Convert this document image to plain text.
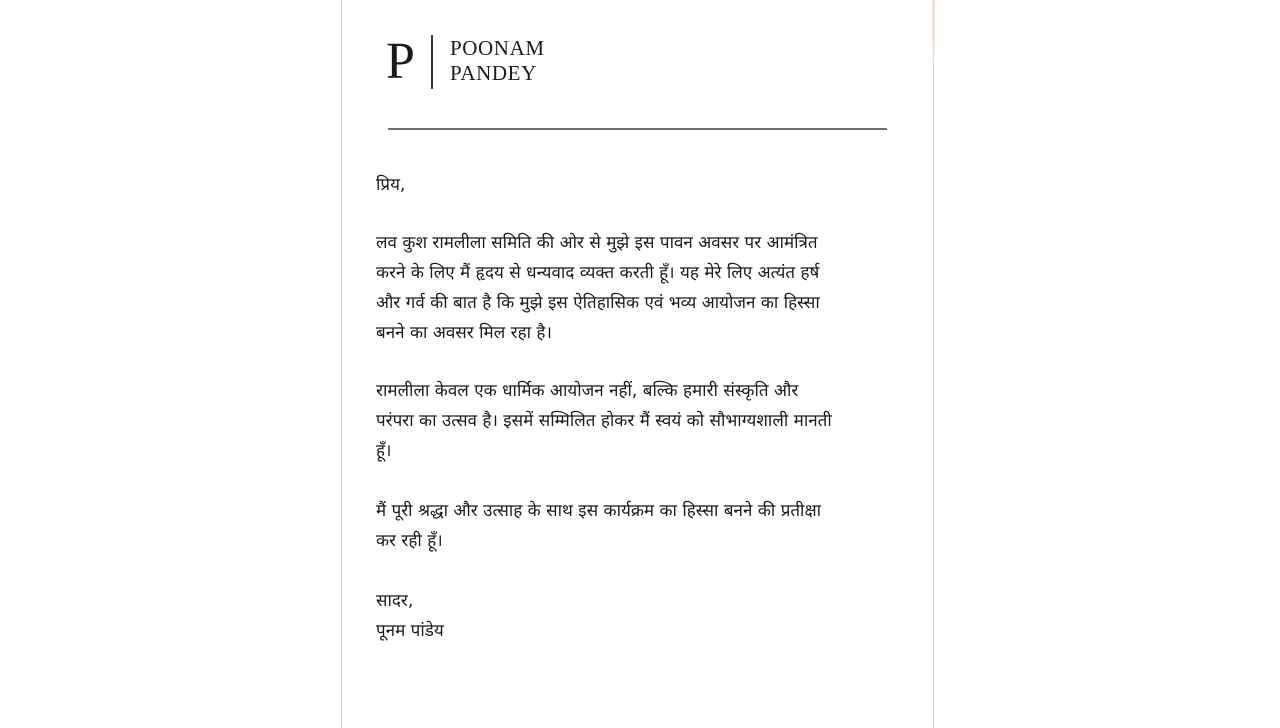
P POONAM
PANDEY
प्रिय,
लव कुश रामलीला समिति की ओर से मुझे इस पावन अवसर पर आमंत्रित
करने के लिए मैं हृदय से धन्यवाद व्यक्त करती हूँ। यह मेरे लिए अत्यंत हर्ष
और गर्व की बात है कि मुझे इस ऐतिहासिक एवं भव्य आयोजन का हिस्सा
बनने का अवसर मिल रहा है।
रामलीला केवल एक धार्मिक आयोजन नहीं, बल्कि हमारी संस्कृति और
परंपरा का उत्सव है। इसमें सम्मिलित होकर मैं स्वयं को सौभाग्यशाली मानती
हूँ।
मैं पूरी श्रद्धा और उत्साह के साथ इस कार्यक्रम का हिस्सा बनने की प्रतीक्षा
कर रही हूँ।
सादर,
पूनम पांडेय
